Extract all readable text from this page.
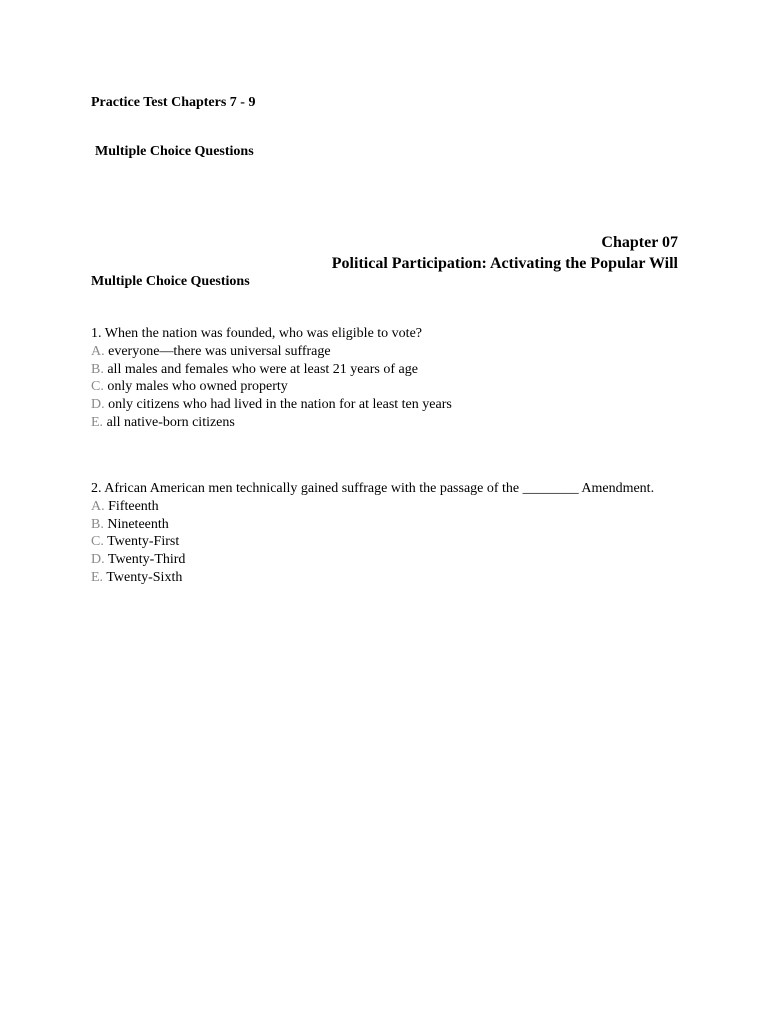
Practice Test Chapters 7 - 9
Multiple Choice Questions
Chapter 07
Political Participation: Activating the Popular Will
Multiple Choice Questions

1. When the nation was founded, who was eligible to vote?

A. everyone—there was universal suffrage
B. all males and females who were at least 21 years of age
C. only males who owned property
D. only citizens who had lived in the nation for at least ten years
E. all native-born citizens

2. African American men technically gained suffrage with the passage of the ________ Amendment.

A. Fifteenth
B. Nineteenth
C. Twenty-First
D. Twenty-Third
E. Twenty-Sixth
